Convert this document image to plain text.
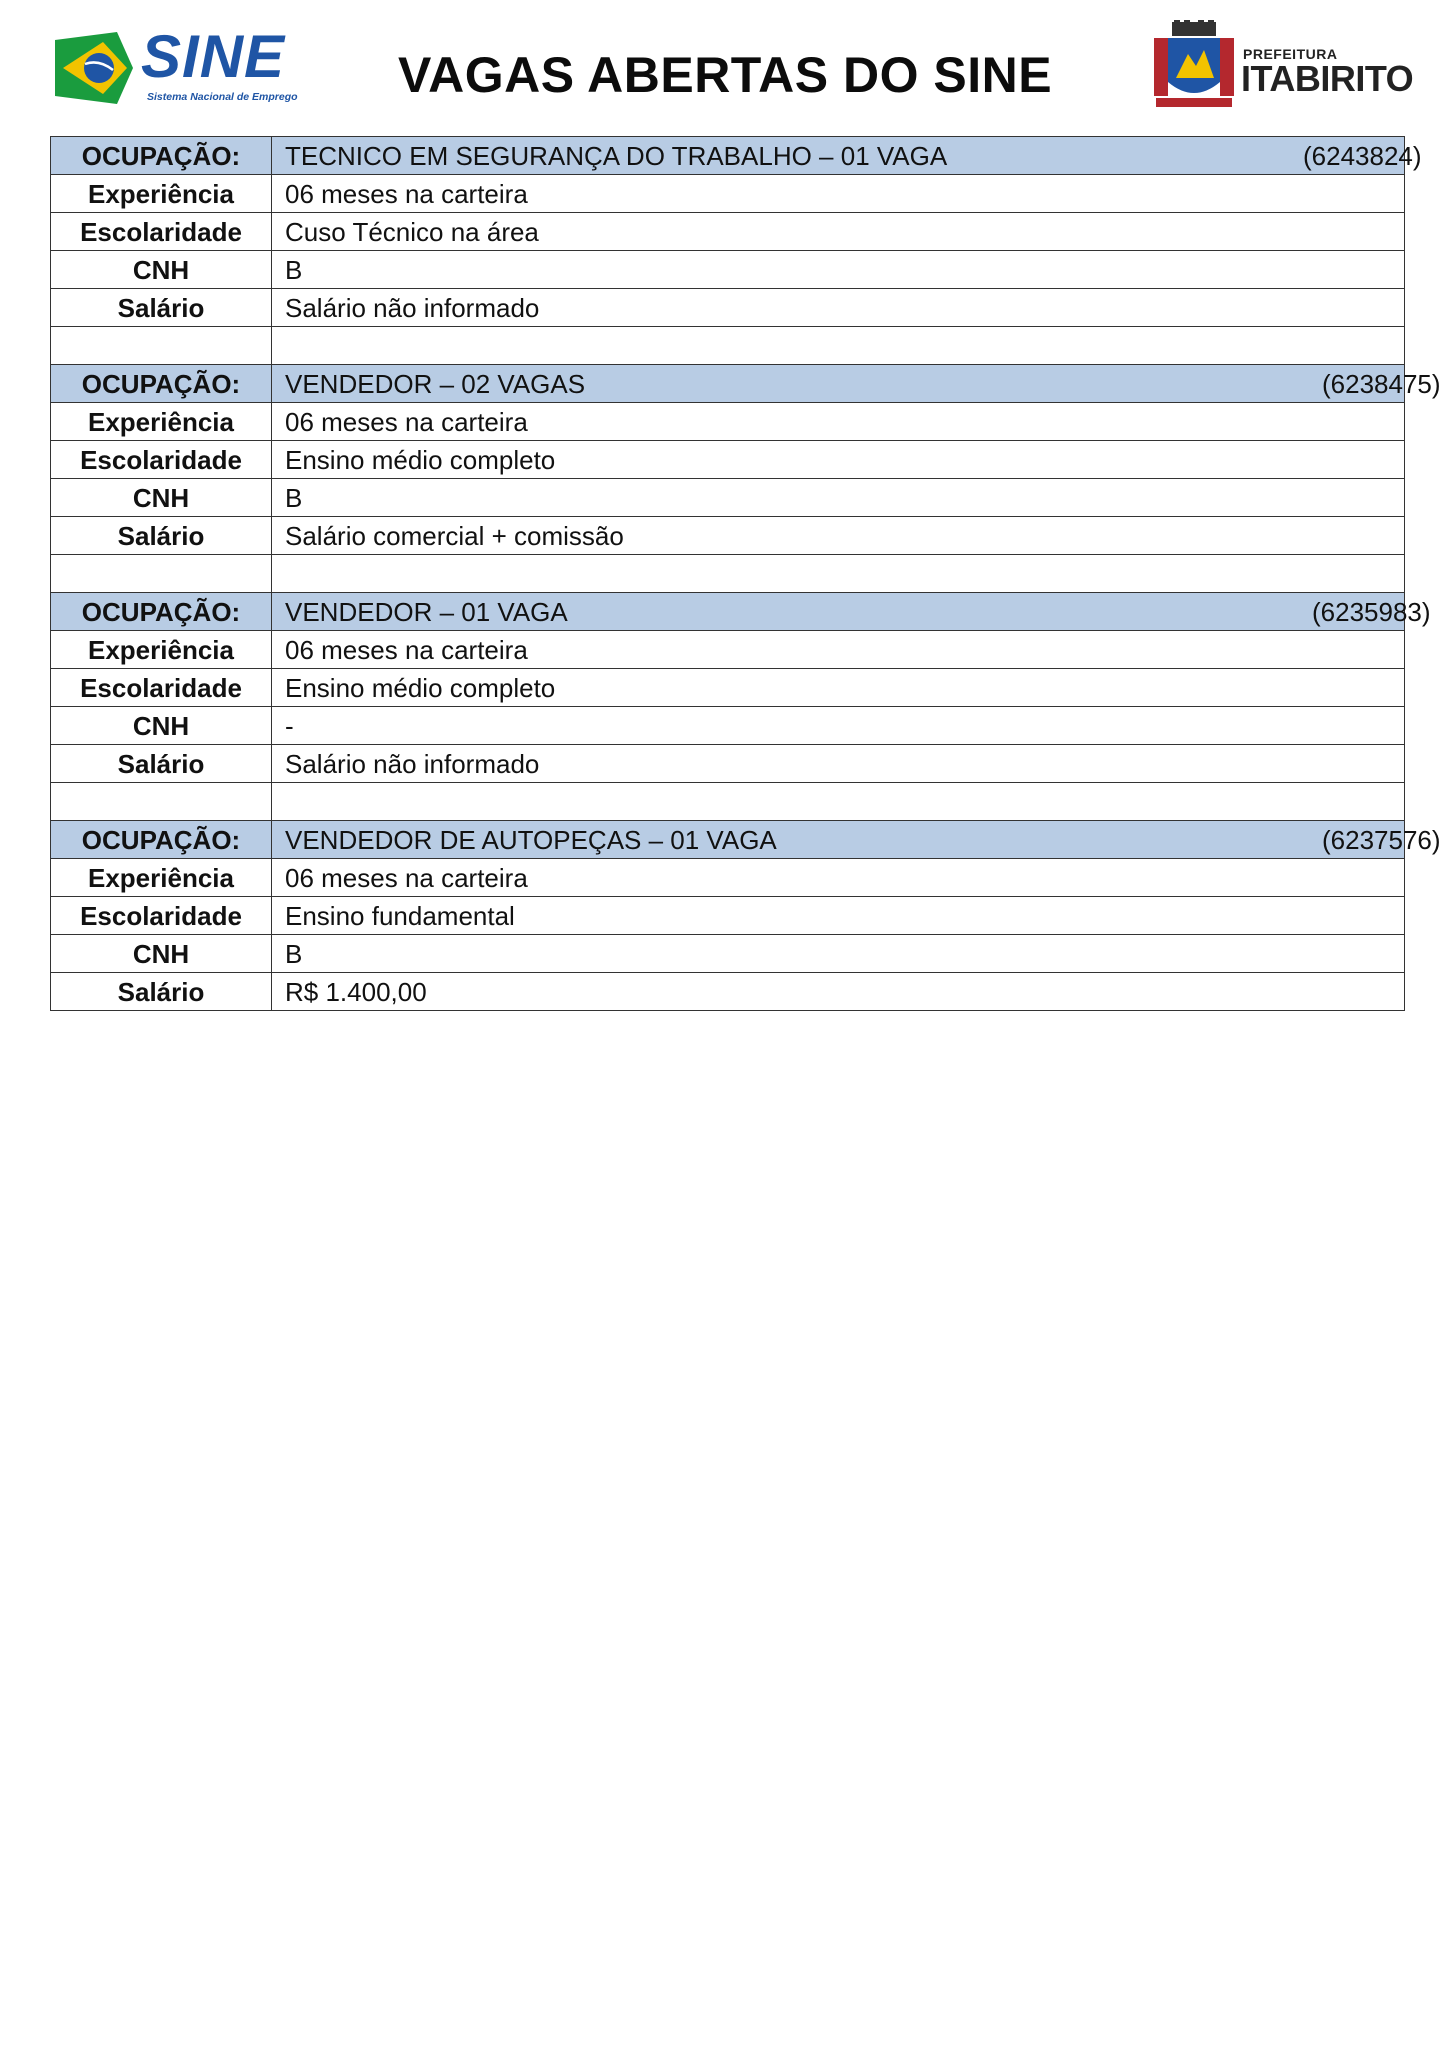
SINE
Sistema Nacional de Emprego VAGAS ABERTAS DO SINE	PREFEITURA
ITABIRITO
OCUPAÇÃO:	TECNICO EM SEGURANÇA DO TRABALHO – 01 VAGA (6243824)

Experiência	06 meses na carteira
Escolaridade	Cuso Técnico na área
CNH	B
Salário	Salário não informado

OCUPAÇÃO:	VENDEDOR – 02 VAGAS (6238475)

Experiência	06 meses na carteira
Escolaridade	Ensino médio completo
CNH	B
Salário	Salário comercial + comissão

OCUPAÇÃO:	VENDEDOR – 01 VAGA (6235983)

Experiência	06 meses na carteira
Escolaridade	Ensino médio completo
CNH	-
Salário	Salário não informado

OCUPAÇÃO:	VENDEDOR DE AUTOPEÇAS – 01 VAGA (6237576)

Experiência	06 meses na carteira
Escolaridade	Ensino fundamental
CNH	B
Salário	R$ 1.400,00
